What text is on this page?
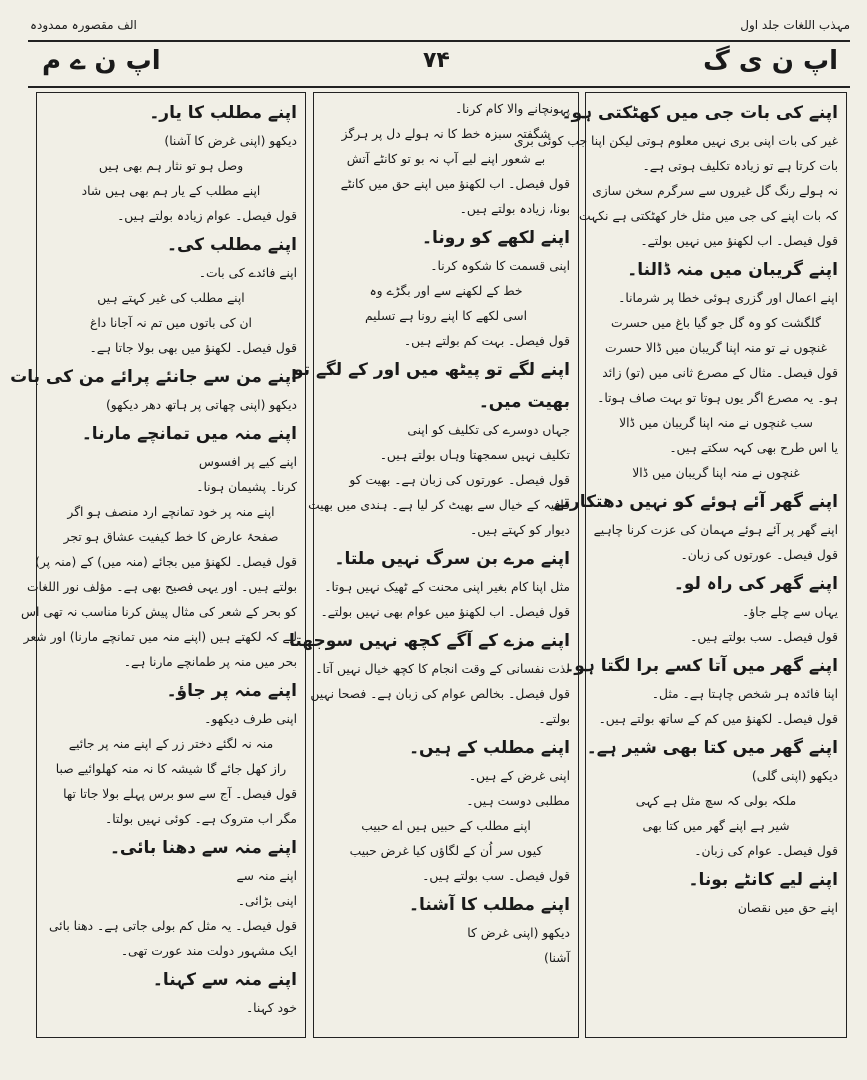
الف مقصورہ ممدودہ	مہذب اللغات جلد اول
اپ ن ی گ
۷۴
اپ ن ے م
اپنے کی بات جی میں کھٹکتی ہو۔
غیر کی بات اپنی بری نہیں معلوم ہوتی لیکن اپنا جب کوئی بری
بات کرتا ہے تو زیادہ تکلیف ہوتی ہے۔
نہ ہولے رنگ گل غیروں سے سرگرم سخن سازی
کہ بات اپنے کی جی میں مثل خار کھٹکتی ہے نکہت
قول فیصل۔ اب لکھنؤ میں نہیں بولتے۔
اپنے گریبان میں منہ ڈالنا۔
اپنے اعمال اور گزری ہوئی خطا پر شرمانا۔
گلگشت کو وہ گل جو گیا باغ میں حسرت
غنچوں نے تو منہ اپنا گریبان میں ڈالا حسرت
قول فیصل۔ مثال کے مصرع ثانی میں (تو) زائد
ہو۔ یہ مصرع اگر یوں ہوتا تو بہت صاف ہوتا۔
سب غنچوں نے منہ اپنا گریبان میں ڈالا
یا اس طرح بھی کہہ سکتے ہیں۔
غنچوں نے منہ اپنا گریبان میں ڈالا
اپنے گھر آئے ہوئے کو نہیں دھتکارتے
اپنے گھر پر آئے ہوئے مہمان کی عزت کرنا چاہیے
قول فیصل۔ عورتوں کی زبان۔
اپنے گھر کی راہ لو۔
یہاں سے چلے جاؤ۔
قول فیصل۔ سب بولتے ہیں۔
اپنے گھر میں آتا کسے برا لگتا ہو۔
اپنا فائدہ ہر شخص چاہتا ہے۔ مثل۔
قول فیصل۔ لکھنؤ میں کم کے ساتھ بولتے ہیں۔
اپنے گھر میں کتا بھی شیر ہے۔
دیکھو (اپنی گلی)
ملکہ بولی کہ سچ مثل ہے کہی
شیر ہے اپنے گھر میں کتا بھی
قول فیصل۔ عوام کی زبان۔
اپنے لیے کانٹے بونا۔
اپنے حق میں نقصان
پہونچانے والا کام کرنا۔
شگفتہ سبزہ خط کا نہ ہولے دل پر ہرگز
بے شعور اپنے لیے آپ نہ بو تو کانٹے آتش
قول فیصل۔ اب لکھنؤ میں اپنے حق میں کانٹے
بونا، زیادہ بولتے ہیں۔
اپنے لکھے کو رونا۔
اپنی قسمت کا شکوہ کرنا۔
خط کے لکھنے سے اور بگڑے وہ
اسی لکھے کا اپنے رونا ہے تسلیم
قول فیصل۔ بہت کم بولتے ہیں۔
اپنے لگے تو پیٹھ میں اور کے لگے تو
بھیت میں۔
جہاں دوسرے کی تکلیف کو اپنی
تکلیف نہیں سمجھتا وہاں بولتے ہیں۔
قول فیصل۔ عورتوں کی زبان ہے۔ بھیت کو
قافیہ کے خیال سے بھیٹ کر لیا ہے۔ ہندی میں بھیت
دیوار کو کہتے ہیں۔
اپنے مرے بن سرگ نہیں ملتا۔
مثل اپنا کام بغیر اپنی محنت کے ٹھیک نہیں ہوتا۔
قول فیصل۔ اب لکھنؤ میں عوام بھی نہیں بولتے۔
اپنے مزے کے آگے کچھ نہیں سوجھتا
لذت نفسانی کے وقت انجام کا کچھ خیال نہیں آتا۔
قول فیصل۔ بخالص عوام کی زبان ہے۔ فصحا نہیں
بولتے۔
اپنے مطلب کے ہیں۔
اپنی غرض کے ہیں۔
مطلبی دوست ہیں۔
اپنے مطلب کے حبیں ہیں اے حبیب
کیوں سر اُن کے لگاؤں کیا غرض حبیب
قول فیصل۔ سب بولتے ہیں۔
اپنے مطلب کا آشنا۔
دیکھو (اپنی غرض کا
آشنا)
اپنے مطلب کا یار۔
دیکھو (اپنی غرض کا آشنا)
وصل ہو تو نثار ہم بھی ہیں
اپنے مطلب کے یار ہم بھی ہیں شاد
قول فیصل۔ عوام زیادہ بولتے ہیں۔
اپنے مطلب کی۔
اپنے فائدے کی بات۔
اپنے مطلب کی غیر کہتے ہیں
ان کی باتوں میں تم نہ آجانا داغ
قول فیصل۔ لکھنؤ میں بھی بولا جاتا ہے۔
اپنے من سے جانئے پرائے من کی بات
دیکھو (اپنی چھاتی پر ہاتھ دھر دیکھو)
اپنے منہ میں تمانچے مارنا۔
اپنے کیے پر افسوس
کرنا۔ پشیمان ہونا۔
اپنے منہ پر خود تمانچے ارد منصف ہو اگر
صفحۂ عارض کا خط کیفیت عشاق ہو تجر
قول فیصل۔ لکھنؤ میں بجائے (منہ میں) کے (منہ پر)
بولتے ہیں۔ اور یہی فصیح بھی ہے۔ مؤلف نور اللغات
کو بحر کے شعر کی مثال پیش کرنا مناسب نہ تھی اس
لیے کہ لکھتے ہیں (اپنے منہ میں تمانچے مارنا) اور شعر
بحر میں منہ پر طمانچے مارنا ہے۔
اپنے منہ پر جاؤ۔
اپنی طرف دیکھو۔
منہ نہ لگئے دختر زر کے اپنے منہ پر جائیے
راز کھل جائے گا شیشہ کا نہ منہ کھلوائیے صبا
قول فیصل۔ آج سے سو برس پہلے بولا جاتا تھا
مگر اب متروک ہے۔ کوئی نہیں بولتا۔
اپنے منہ سے دھنا بائی۔
اپنے منہ سے
اپنی بڑائی۔
قول فیصل۔ یہ مثل کم بولی جاتی ہے۔ دھنا بائی
ایک مشہور دولت مند عورت تھی۔
اپنے منہ سے کہنا۔
خود کہنا۔
